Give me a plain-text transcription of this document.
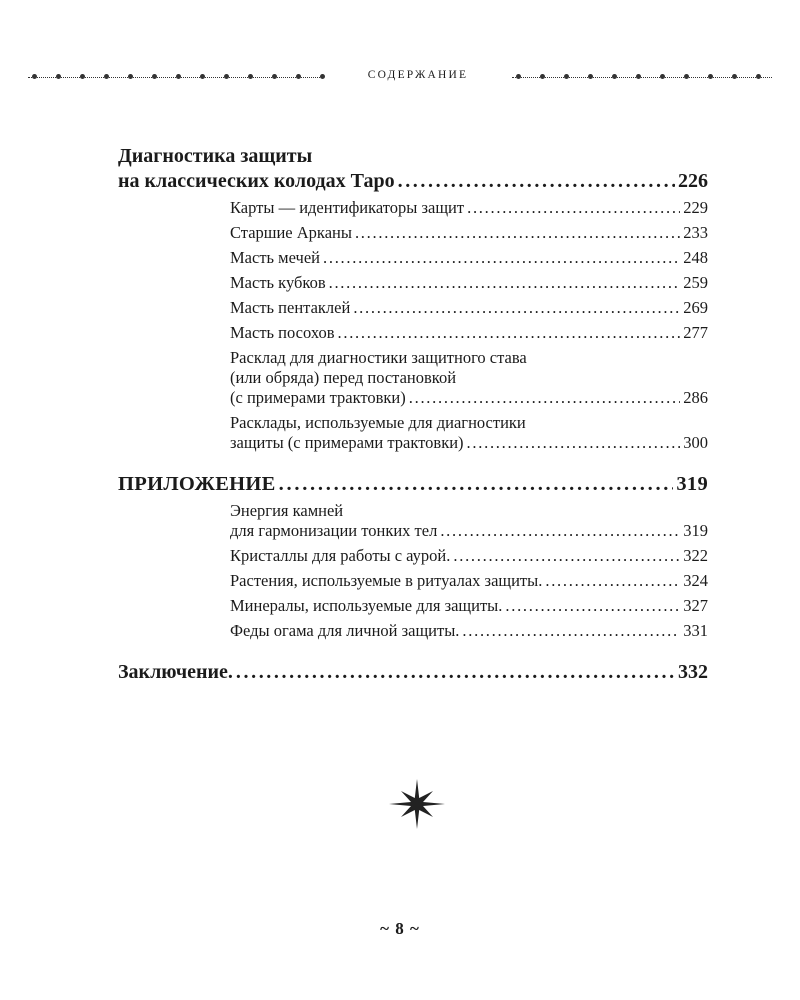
СОДЕРЖАНИЕ
Диагностика защиты
на классических колодах Таро . . .	226
Карты — идентификаторы защит . . .	229
Старшие Арканы . . .	233
Масть мечей . . .	248
Масть кубков . . .	259
Масть пентаклей . . .	269
Масть посохов . . .	277
Расклад для диагностики защитного става
(или обряда) перед постановкой
(с примерами трактовки) . . .	286
Расклады, используемые для диагностики
защиты (с примерами трактовки) . . .	300
ПРИЛОЖЕНИЕ . . .	319
Энергия камней
для гармонизации тонких тел . . .	319
Кристаллы для работы с аурой. . . .	322
Растения, используемые в ритуалах защиты. . . .	324
Минералы, используемые для защиты. . . .	327
Феды огама для личной защиты. . . .	331
Заключение. . . .	332
~ 8 ~
